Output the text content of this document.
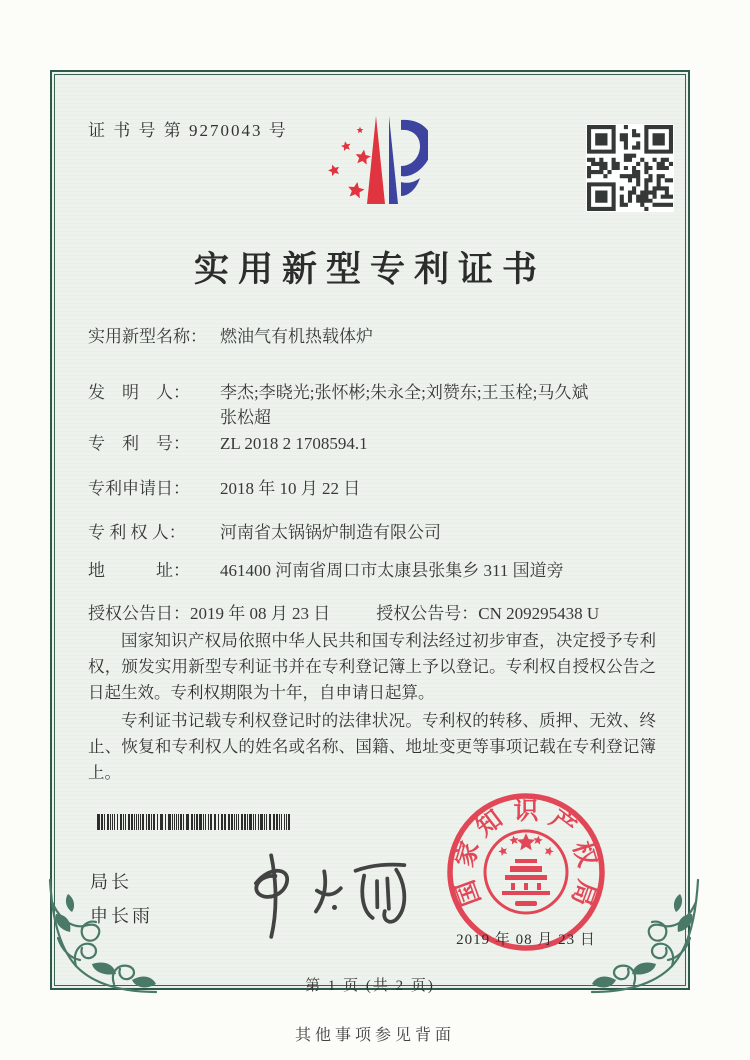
证 书 号 第 9270043 号
实用新型专利证书
实用新型名称： 燃油气有机热载体炉
发　明　人： 李杰;李晓光;张怀彬;朱永全;刘赞东;王玉栓;马久斌
张松超
专　利　号： ZL 2018 2 1708594.1
专利申请日： 2018 年 10 月 22 日
专 利 权 人： 河南省太锅锅炉制造有限公司
地　　　址： 461400 河南省周口市太康县张集乡 311 国道旁
授权公告日：2019 年 08 月 23 日	授权公告号：CN 209295438 U

国家知识产权局依照中华人民共和国专利法经过初步审查，决定授予专利权，颁发实用新型专利证书并在专利登记簿上予以登记。专利权自授权公告之日起生效。专利权期限为十年，自申请日起算。

专利证书记载专利权登记时的法律状况。专利权的转移、质押、无效、终止、恢复和专利权人的姓名或名称、国籍、地址变更等事项记载在专利登记簿上。

局长
申长雨
国
家
知 识 产
权
局
2019 年 08 月 23 日
第 1 页 (共 2 页)
其他事项参见背面
